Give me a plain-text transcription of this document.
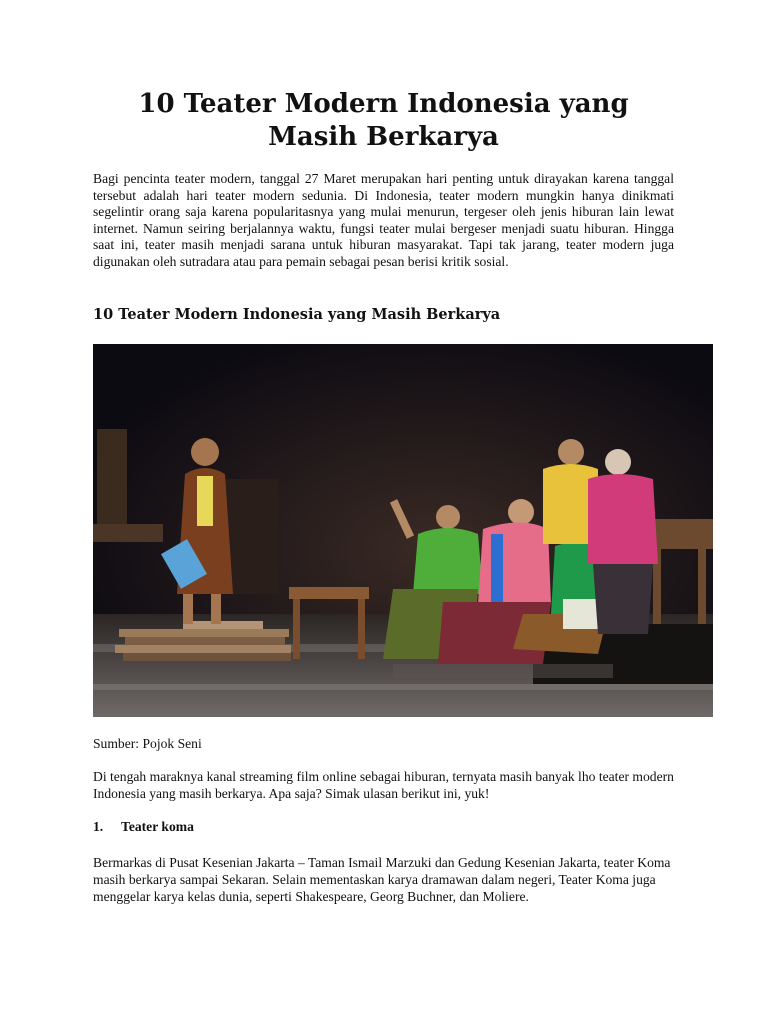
10 Teater Modern Indonesia yang Masih Berkarya

Bagi pencinta teater modern, tanggal 27 Maret merupakan hari penting untuk dirayakan karena tanggal tersebut adalah hari teater modern sedunia. Di Indonesia, teater modern mungkin hanya dinikmati segelintir orang saja karena popularitasnya yang mulai menurun, tergeser oleh jenis hiburan lain lewat internet. Namun seiring berjalannya waktu, fungsi teater mulai bergeser menjadi suatu hiburan. Hingga saat ini, teater masih menjadi sarana untuk hiburan masyarakat. Tapi tak jarang, teater modern juga digunakan oleh sutradara atau para pemain sebagai pesan berisi kritik sosial.

10 Teater Modern Indonesia yang Masih Berkarya

Sumber: Pojok Seni

Di tengah maraknya kanal streaming film online sebagai hiburan, ternyata masih banyak lho teater modern Indonesia yang masih berkarya. Apa saja? Simak ulasan berikut ini, yuk!

1. Teater koma

Bermarkas di Pusat Kesenian Jakarta – Taman Ismail Marzuki dan Gedung Kesenian Jakarta, teater Koma masih berkarya sampai Sekaran. Selain mementaskan karya dramawan dalam negeri, Teater Koma juga menggelar karya kelas dunia, seperti Shakespeare, Georg Buchner, dan Moliere.
